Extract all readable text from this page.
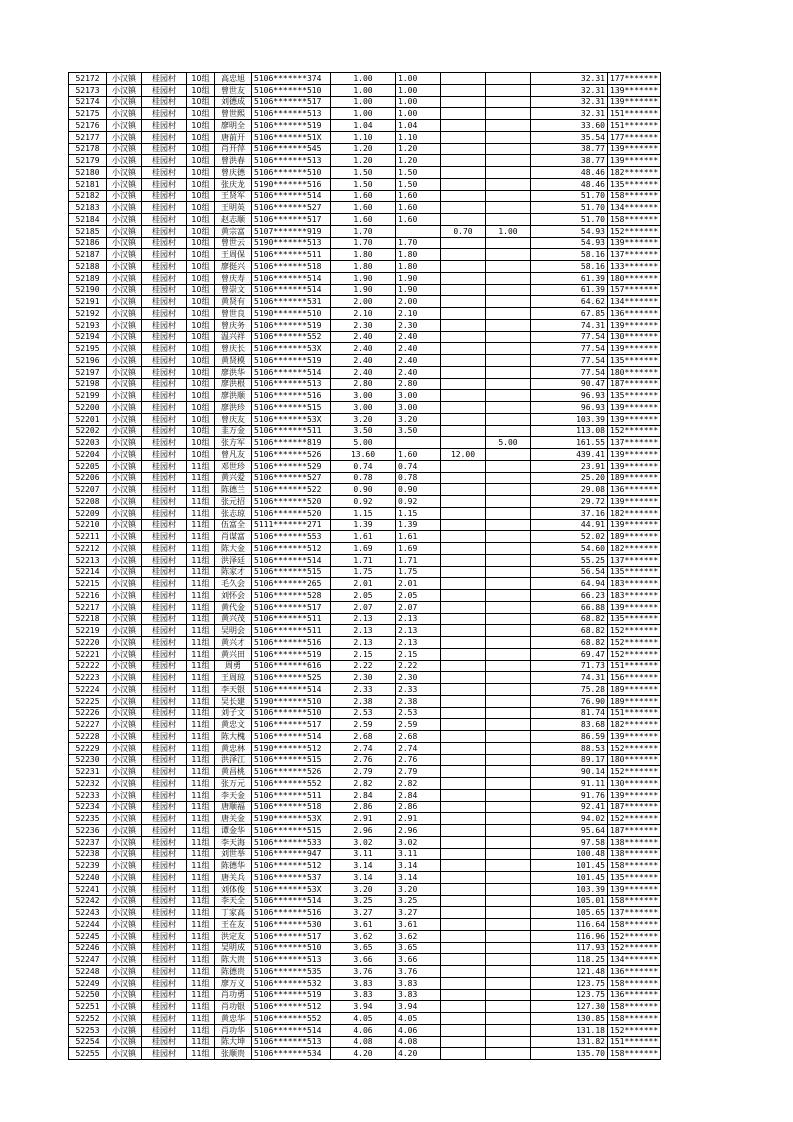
52172	小汉镇	桂园村	10组	高忠旭	5106*******374	1.00	1.00			32.31	177*******
52173	小汉镇	桂园村	10组	曾世友	5106*******510	1.00	1.00			32.31	139*******
52174	小汉镇	桂园村	10组	刘德成	5106*******517	1.00	1.00			32.31	139*******
52175	小汉镇	桂园村	10组	曾世熙	5106*******513	1.00	1.00			32.31	151*******
52176	小汉镇	桂园村	10组	廖明全	5106*******519	1.04	1.04			33.60	151*******
52177	小汉镇	桂园村	10组	唐前开	5106*******51X	1.10	1.10			35.54	177*******
52178	小汉镇	桂园村	10组	肖开萍	5106*******545	1.20	1.20			38.77	139*******
52179	小汉镇	桂园村	10组	曾洪春	5106*******513	1.20	1.20			38.77	139*******
52180	小汉镇	桂园村	10组	曾庆德	5106*******510	1.50	1.50			48.46	182*******
52181	小汉镇	桂园村	10组	张庆龙	5190*******516	1.50	1.50			48.46	135*******
52182	小汉镇	桂园村	10组	王贤军	5106*******514	1.60	1.60			51.70	158*******
52183	小汉镇	桂园村	10组	王明英	5106*******527	1.60	1.60			51.70	134*******
52184	小汉镇	桂园村	10组	赵志顺	5106*******517	1.60	1.60			51.70	158*******
52185	小汉镇	桂园村	10组	黄宗富	5107*******919	1.70		0.70	1.00	54.93	152*******
52186	小汉镇	桂园村	10组	曾世云	5190*******513	1.70	1.70			54.93	139*******
52187	小汉镇	桂园村	10组	王周保	5106*******511	1.80	1.80			58.16	137*******
52188	小汉镇	桂园村	10组	廖挺兴	5106*******518	1.80	1.80			58.16	133*******
52189	小汉镇	桂园村	10组	曾庆寿	5106*******514	1.90	1.90			61.39	180*******
52190	小汉镇	桂园村	10组	曾崇文	5106*******514	1.90	1.90			61.39	157*******
52191	小汉镇	桂园村	10组	黄贤有	5106*******531	2.00	2.00			64.62	134*******
52192	小汉镇	桂园村	10组	曾世良	5190*******510	2.10	2.10			67.85	136*******
52193	小汉镇	桂园村	10组	曾庆务	5106*******519	2.30	2.30			74.31	139*******
52194	小汉镇	桂园村	10组	温兴祥	5106*******552	2.40	2.40			77.54	130*******
52195	小汉镇	桂园村	10组	曾庆长	5106*******53X	2.40	2.40			77.54	139*******
52196	小汉镇	桂园村	10组	黄贤模	5106*******519	2.40	2.40			77.54	135*******
52197	小汉镇	桂园村	10组	廖洪华	5106*******514	2.40	2.40			77.54	180*******
52198	小汉镇	桂园村	10组	廖洪根	5106*******513	2.80	2.80			90.47	187*******
52199	小汉镇	桂园村	10组	廖洪顺	5106*******516	3.00	3.00			96.93	135*******
52200	小汉镇	桂园村	10组	廖洪珍	5106*******515	3.00	3.00			96.93	139*******
52201	小汉镇	桂园村	10组	曾庆友	5106*******53X	3.20	3.20			103.39	139*******
52202	小汉镇	桂园村	10组	韭万金	5106*******511	3.50	3.50			113.08	152*******
52203	小汉镇	桂园村	10组	张方军	5106*******819	5.00			5.00	161.55	137*******
52204	小汉镇	桂园村	10组	曾凡友	5106*******526	13.60	1.60	12.00		439.41	139*******
52205	小汉镇	桂园村	11组	邓世珍	5106*******529	0.74	0.74			23.91	139*******
52206	小汉镇	桂园村	11组	黄兴爱	5106*******527	0.78	0.78			25.20	189*******
52207	小汉镇	桂园村	11组	陈德兰	5106*******522	0.90	0.90			29.08	136*******
52208	小汉镇	桂园村	11组	张元招	5106*******520	0.92	0.92			29.72	139*******
52209	小汉镇	桂园村	11组	张志琼	5106*******520	1.15	1.15			37.16	182*******
52210	小汉镇	桂园村	11组	伍富全	5111*******271	1.39	1.39			44.91	139*******
52211	小汉镇	桂园村	11组	肖谋富	5106*******553	1.61	1.61			52.02	189*******
52212	小汉镇	桂园村	11组	陈大金	5106*******512	1.69	1.69			54.60	182*******
52213	小汉镇	桂园村	11组	洪泽廷	5106*******514	1.71	1.71			55.25	137*******
52214	小汉镇	桂园村	11组	陈家才	5106*******515	1.75	1.75			56.54	135*******
52215	小汉镇	桂园村	11组	毛久会	5106*******265	2.01	2.01			64.94	183*******
52216	小汉镇	桂园村	11组	刘怀会	5106*******528	2.05	2.05			66.23	183*******
52217	小汉镇	桂园村	11组	黄代金	5106*******517	2.07	2.07			66.88	139*******
52218	小汉镇	桂园村	11组	黄兴茂	5106*******511	2.13	2.13			68.82	135*******
52219	小汉镇	桂园村	11组	吴明会	5106*******511	2.13	2.13			68.82	152*******
52220	小汉镇	桂园村	11组	黄兴才	5106*******516	2.13	2.13			68.82	152*******
52221	小汉镇	桂园村	11组	黄兴田	5106*******519	2.15	2.15			69.47	152*******
52222	小汉镇	桂园村	11组	周勇	5106*******616	2.22	2.22			71.73	151*******
52223	小汉镇	桂园村	11组	王周琼	5106*******525	2.30	2.30			74.31	156*******
52224	小汉镇	桂园村	11组	李天银	5106*******514	2.33	2.33			75.28	189*******
52225	小汉镇	桂园村	11组	吴长建	5190*******510	2.38	2.38			76.90	189*******
52226	小汉镇	桂园村	11组	刘子文	5106*******510	2.53	2.53			81.74	151*******
52227	小汉镇	桂园村	11组	黄忠文	5106*******517	2.59	2.59			83.68	182*******
52228	小汉镇	桂园村	11组	陈大槐	5106*******514	2.68	2.68			86.59	139*******
52229	小汉镇	桂园村	11组	黄忠林	5190*******512	2.74	2.74			88.53	152*******
52230	小汉镇	桂园村	11组	洪泽江	5106*******515	2.76	2.76			89.17	180*******
52231	小汉镇	桂园村	11组	黄昌桃	5106*******526	2.79	2.79			90.14	152*******
52232	小汉镇	桂园村	11组	张万元	5106*******552	2.82	2.82			91.11	130*******
52233	小汉镇	桂园村	11组	李天金	5106*******511	2.84	2.84			91.76	139*******
52234	小汉镇	桂园村	11组	唐顺福	5106*******518	2.86	2.86			92.41	187*******
52235	小汉镇	桂园村	11组	唐关金	5190*******53X	2.91	2.91			94.02	152*******
52236	小汉镇	桂园村	11组	谭金华	5106*******515	2.96	2.96			95.64	187*******
52237	小汉镇	桂园村	11组	李天海	5106*******533	3.02	3.02			97.58	138*******
52238	小汉镇	桂园村	11组	刘世举	5106*******947	3.11	3.11			100.48	138*******
52239	小汉镇	桂园村	11组	陈德华	5106*******512	3.14	3.14			101.45	158*******
52240	小汉镇	桂园村	11组	唐关兵	5106*******537	3.14	3.14			101.45	135*******
52241	小汉镇	桂园村	11组	刘体俊	5106*******53X	3.20	3.20			103.39	139*******
52242	小汉镇	桂园村	11组	李天全	5106*******514	3.25	3.25			105.01	158*******
52243	小汉镇	桂园村	11组	丁家高	5106*******516	3.27	3.27			105.65	137*******
52244	小汉镇	桂园村	11组	王在友	5106*******530	3.61	3.61			116.64	158*******
52245	小汉镇	桂园村	11组	洪定友	5106*******517	3.62	3.62			116.96	152*******
52246	小汉镇	桂园村	11组	吴明成	5106*******510	3.65	3.65			117.93	152*******
52247	小汉镇	桂园村	11组	陈大贵	5106*******513	3.66	3.66			118.25	134*******
52248	小汉镇	桂园村	11组	陈德贵	5106*******535	3.76	3.76			121.48	136*******
52249	小汉镇	桂园村	11组	廖万义	5106*******532	3.83	3.83			123.75	158*******
52250	小汉镇	桂园村	11组	肖功勇	5106*******519	3.83	3.83			123.75	136*******
52251	小汉镇	桂园村	11组	肖功银	5106*******512	3.94	3.94			127.30	158*******
52252	小汉镇	桂园村	11组	黄忠华	5106*******552	4.05	4.05			130.85	158*******
52253	小汉镇	桂园村	11组	肖功华	5106*******514	4.06	4.06			131.18	152*******
52254	小汉镇	桂园村	11组	陈大坤	5106*******513	4.08	4.08			131.82	151*******
52255	小汉镇	桂园村	11组	张顺贵	5106*******534	4.20	4.20			135.70	158*******
